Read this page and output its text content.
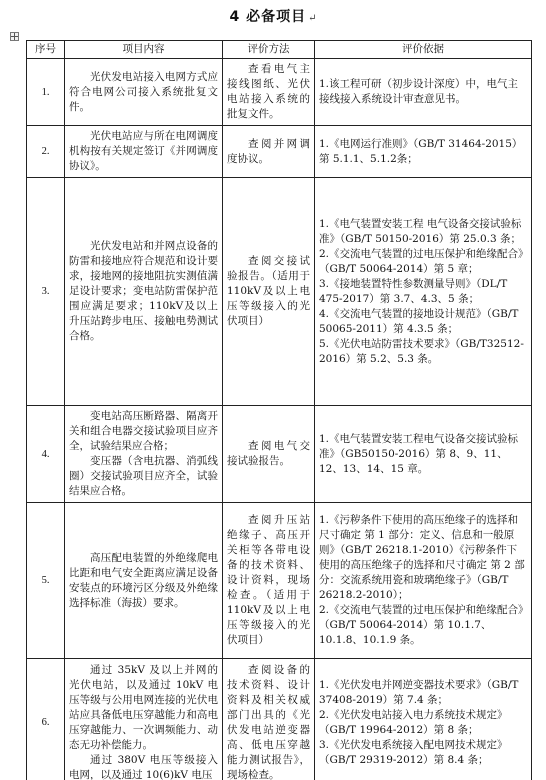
4 必备项目 ↵
序号	项目内容	评价方法	评价依据
1.	光伏发电站接入电网方式应符合电网公司接入系统批复文件。	查看电气主接线图纸、光伏电站接入系统的批复文件。	1.该工程可研（初步设计深度）中，电气主接线接入系统设计审查意见书。

2.	光伏电站应与所在电网调度机构按有关规定签订《并网调度协议》。	查阅并网调度协议。	1.《电网运行准则》（GB/T 31464-2015）第 5.1.1、5.1.2条；

3.	光伏发电站和并网点设备的防雷和接地应符合规范和设计要求，接地网的接地阻抗实测值满足设计要求；变电站防雷保护范围应满足要求；110kV及以上升压站跨步电压、接触电势测试合格。	查阅交接试验报告。（适用于110kV及以上电压等级接入的光伏项目）	1.《电气装置安装工程 电气设备交接试验标准》（GB/T 50150-2016）第 25.0.3 条；
2.《交流电气装置的过电压保护和绝缘配合》（GB/T 50064-2014）第 5 章；
3.《接地装置特性参数测量导则》（DL/T 475-2017）第 3.7、4.3、5 条；
4.《交流电气装置的接地设计规范》（GB/T 50065-2011）第 4.3.5 条；
5.《光伏电站防雷技术要求》（GB/T32512-2016）第 5.2、5.3 条。

4.	变电站高压断路器、隔离开关和组合电器交接试验项目应齐全，试验结果应合格；
变压器（含电抗器、消弧线圈）交接试验项目应齐全，试验结果应合格。	查阅电气交接试验报告。	1.《电气装置安装工程电气设备交接试验标准》（GB50150-2016）第 8、9、11、12、13、14、15 章。

5.	高压配电装置的外绝缘爬电比距和电气安全距离应满足设备安装点的环境污区分级及外绝缘选择标准（海拔）要求。	查阅升压站绝缘子、高压开关柜等各带电设备的技术资料、设计资料，现场检查。（适用于110kV及以上电压等级接入的光伏项目）	1.《污秽条件下使用的高压绝缘子的选择和尺寸确定 第 1 部分：定义、信息和一般原则》（GB/T 26218.1-2010）《污秽条件下使用的高压绝缘子的选择和尺寸确定 第 2 部分：交流系统用瓷和玻璃绝缘子》（GB/T 26218.2-2010）；
2.《交流电气装置的过电压保护和绝缘配合》（GB/T 50064-2014）第 10.1.7、10.1.8、10.1.9 条。

6.	通过 35kV 及以上并网的光伏电站，以及通过 10kV 电压等级与公用电网连接的光伏电站应具备低电压穿越能力和高电压穿越能力、一次调频能力、动态无功补偿能力。
通过 380V 电压等级接入电网，以及通过 10(6)kV 电压	查阅设备的技术资料、设计资料及相关权威部门出具的《光伏发电站逆变器高、低电压穿越能力测试报告》，现场检查。	1.《光伏发电并网逆变器技术要求》（GB/T 37408-2019）第 7.4 条；
2.《光伏发电站接入电力系统技术规定》（GB/T 19964-2012）第 8 条；
3.《光伏发电系统接入配电网技术规定》（GB/T 29319-2012）第 8.4 条；
